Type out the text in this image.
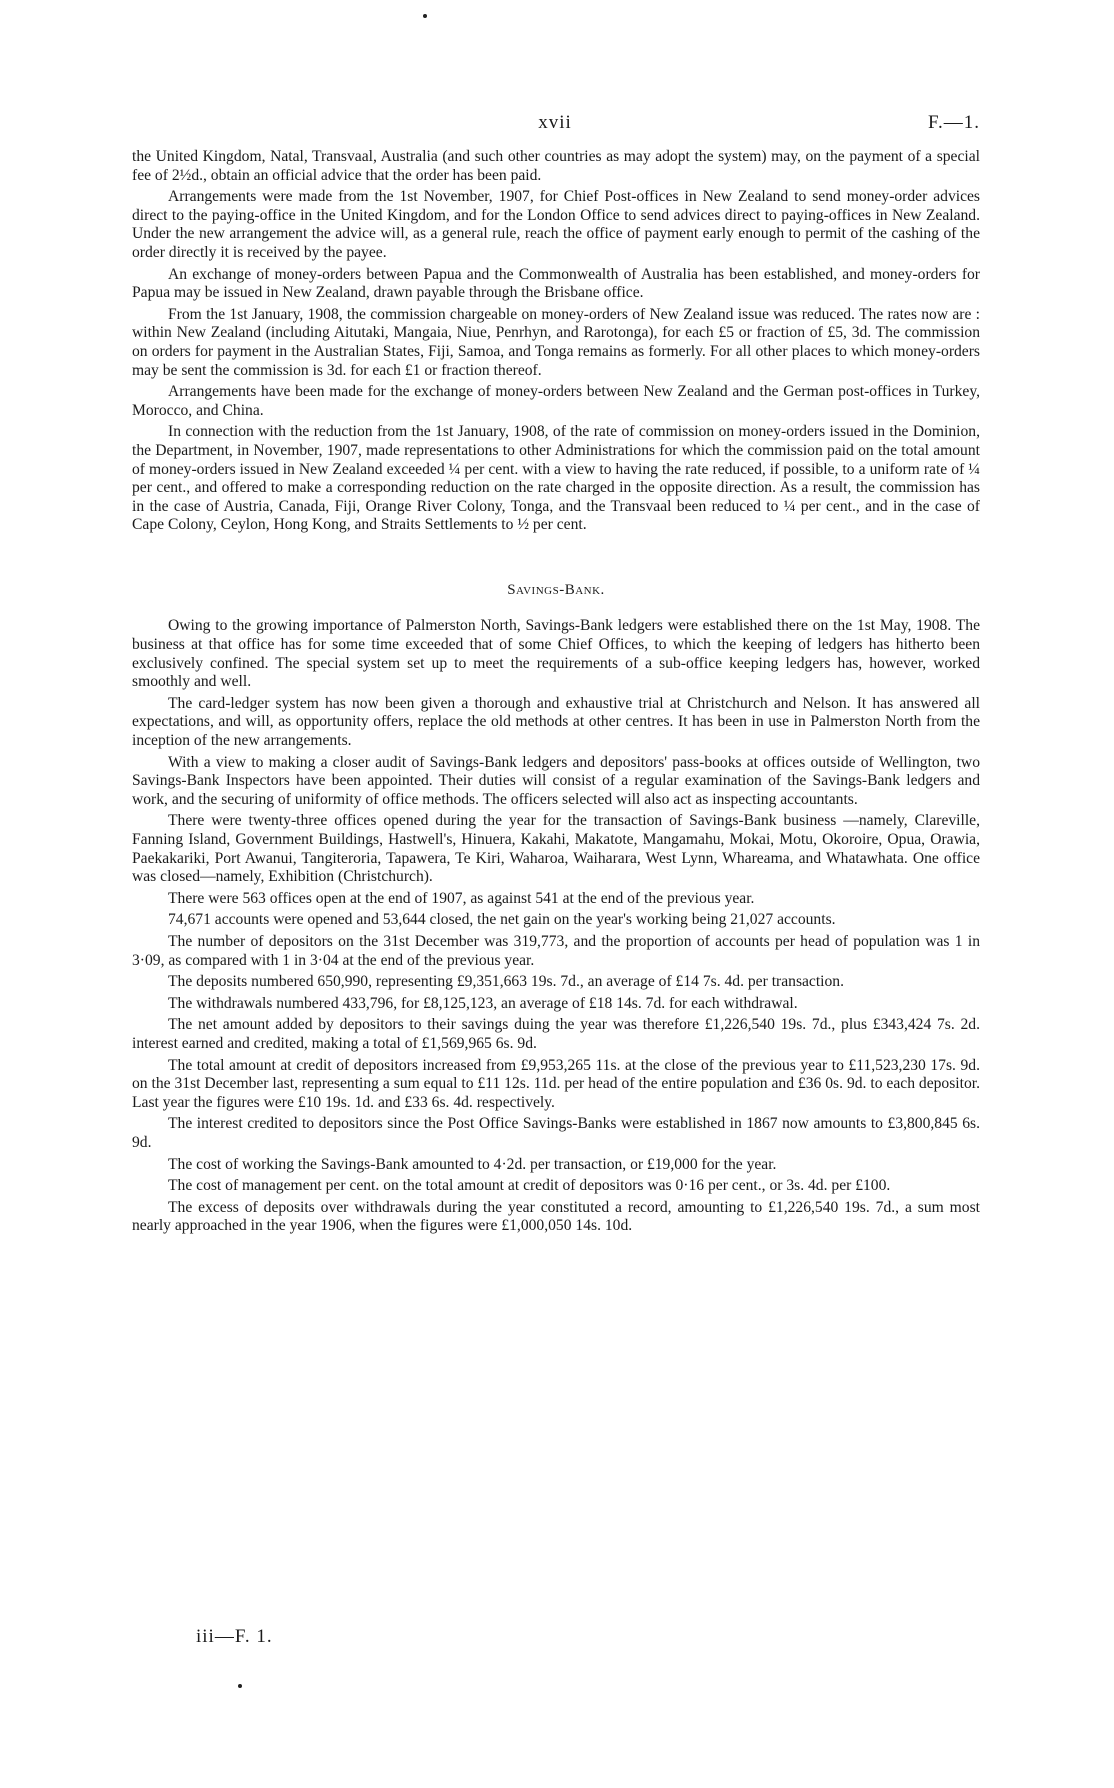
xvii	F.—1.

the United Kingdom, Natal, Transvaal, Australia (and such other countries as may adopt the system) may, on the payment of a special fee of 2½d., obtain an official advice that the order has been paid.

Arrangements were made from the 1st November, 1907, for Chief Post-offices in New Zealand to send money-order advices direct to the paying-office in the United Kingdom, and for the London Office to send advices direct to paying-offices in New Zealand. Under the new arrangement the advice will, as a general rule, reach the office of payment early enough to permit of the cashing of the order directly it is received by the payee.

An exchange of money-orders between Papua and the Commonwealth of Australia has been established, and money-orders for Papua may be issued in New Zealand, drawn payable through the Brisbane office.

From the 1st January, 1908, the commission chargeable on money-orders of New Zealand issue was reduced. The rates now are : within New Zealand (including Aitutaki, Mangaia, Niue, Penrhyn, and Rarotonga), for each £5 or fraction of £5, 3d. The commission on orders for payment in the Australian States, Fiji, Samoa, and Tonga remains as formerly. For all other places to which money-orders may be sent the commission is 3d. for each £1 or fraction thereof.

Arrangements have been made for the exchange of money-orders between New Zealand and the German post-offices in Turkey, Morocco, and China.

In connection with the reduction from the 1st January, 1908, of the rate of commission on money-orders issued in the Dominion, the Department, in November, 1907, made representations to other Administrations for which the commission paid on the total amount of money-orders issued in New Zealand exceeded ¼ per cent. with a view to having the rate reduced, if possible, to a uniform rate of ¼ per cent., and offered to make a corresponding reduction on the rate charged in the opposite direction. As a result, the commission has in the case of Austria, Canada, Fiji, Orange River Colony, Tonga, and the Transvaal been reduced to ¼ per cent., and in the case of Cape Colony, Ceylon, Hong Kong, and Straits Settlements to ½ per cent.

Savings-Bank.

Owing to the growing importance of Palmerston North, Savings-Bank ledgers were established there on the 1st May, 1908. The business at that office has for some time exceeded that of some Chief Offices, to which the keeping of ledgers has hitherto been exclusively confined. The special system set up to meet the requirements of a sub-office keeping ledgers has, however, worked smoothly and well.

The card-ledger system has now been given a thorough and exhaustive trial at Christchurch and Nelson. It has answered all expectations, and will, as opportunity offers, replace the old methods at other centres. It has been in use in Palmerston North from the inception of the new arrangements.

With a view to making a closer audit of Savings-Bank ledgers and depositors' pass-books at offices outside of Wellington, two Savings-Bank Inspectors have been appointed. Their duties will consist of a regular examination of the Savings-Bank ledgers and work, and the securing of uniformity of office methods. The officers selected will also act as inspecting accountants.

There were twenty-three offices opened during the year for the transaction of Savings-Bank business —namely, Clareville, Fanning Island, Government Buildings, Hastwell's, Hinuera, Kakahi, Makatote, Mangamahu, Mokai, Motu, Okoroire, Opua, Orawia, Paekakariki, Port Awanui, Tangiteroria, Tapawera, Te Kiri, Waharoa, Waiharara, West Lynn, Whareama, and Whatawhata. One office was closed—namely, Exhibition (Christchurch).

There were 563 offices open at the end of 1907, as against 541 at the end of the previous year.

74,671 accounts were opened and 53,644 closed, the net gain on the year's working being 21,027 accounts.

The number of depositors on the 31st December was 319,773, and the proportion of accounts per head of population was 1 in 3·09, as compared with 1 in 3·04 at the end of the previous year.

The deposits numbered 650,990, representing £9,351,663 19s. 7d., an average of £14 7s. 4d. per transaction.

The withdrawals numbered 433,796, for £8,125,123, an average of £18 14s. 7d. for each withdrawal.

The net amount added by depositors to their savings duing the year was therefore £1,226,540 19s. 7d., plus £343,424 7s. 2d. interest earned and credited, making a total of £1,569,965 6s. 9d.

The total amount at credit of depositors increased from £9,953,265 11s. at the close of the previous year to £11,523,230 17s. 9d. on the 31st December last, representing a sum equal to £11 12s. 11d. per head of the entire population and £36 0s. 9d. to each depositor. Last year the figures were £10 19s. 1d. and £33 6s. 4d. respectively.

The interest credited to depositors since the Post Office Savings-Banks were established in 1867 now amounts to £3,800,845 6s. 9d.

The cost of working the Savings-Bank amounted to 4·2d. per transaction, or £19,000 for the year.

The cost of management per cent. on the total amount at credit of depositors was 0·16 per cent., or 3s. 4d. per £100.

The excess of deposits over withdrawals during the year constituted a record, amounting to £1,226,540 19s. 7d., a sum most nearly approached in the year 1906, when the figures were £1,000,050 14s. 10d.

iii—F. 1.
